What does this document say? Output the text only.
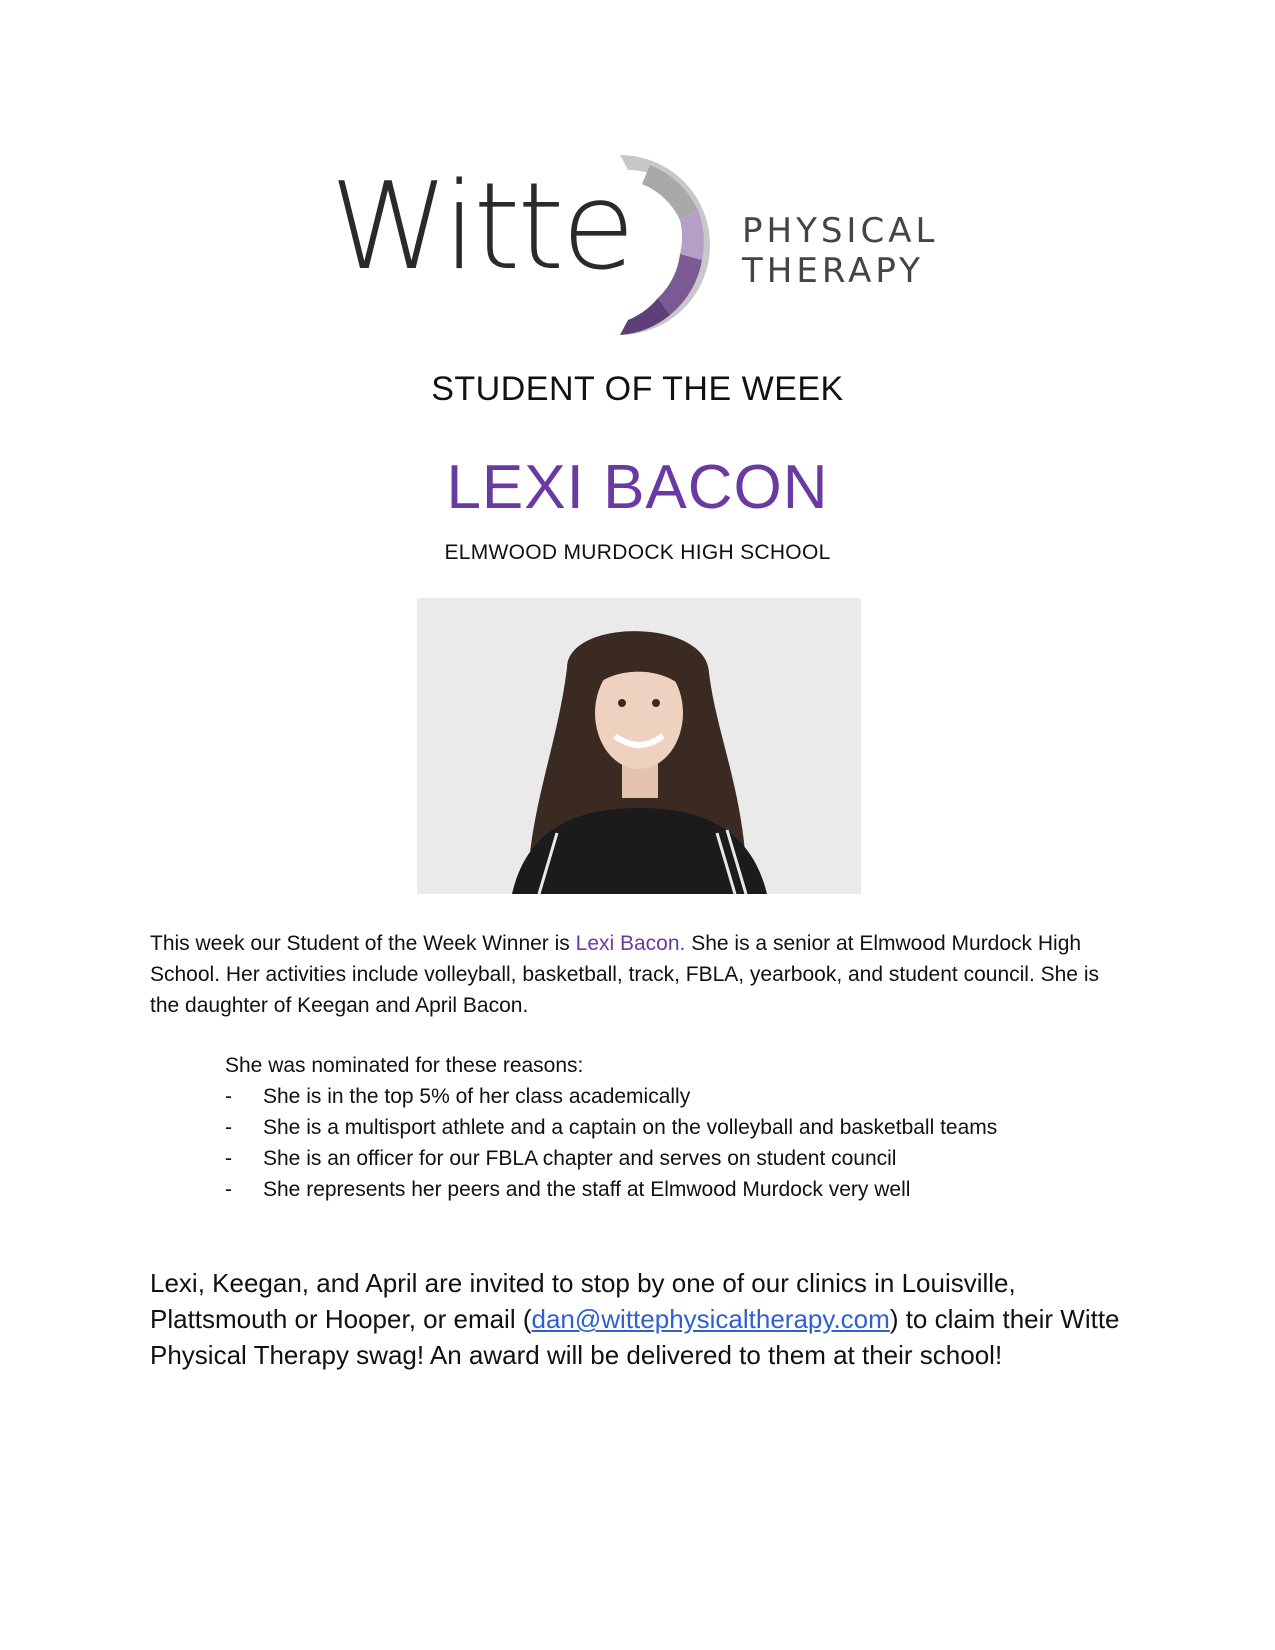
Witte	PHYSICAL
THERAPY
STUDENT OF THE WEEK
LEXI BACON
ELMWOOD MURDOCK HIGH SCHOOL
This week our Student of the Week Winner is Lexi Bacon. She is a senior at Elmwood Murdock High School. Her activities include volleyball, basketball, track, FBLA, yearbook, and student council. She is the daughter of Keegan and April Bacon.

She was nominated for these reasons:

-	She is in the top 5% of her class academically
-	She is a multisport athlete and a captain on the volleyball and basketball teams
-	She is an officer for our FBLA chapter and serves on student council
-	She represents her peers and the staff at Elmwood Murdock very well
Lexi, Keegan, and April are invited to stop by one of our clinics in Louisville, Plattsmouth or Hooper, or email (dan@wittephysicaltherapy.com) to claim their Witte Physical Therapy swag! An award will be delivered to them at their school!
